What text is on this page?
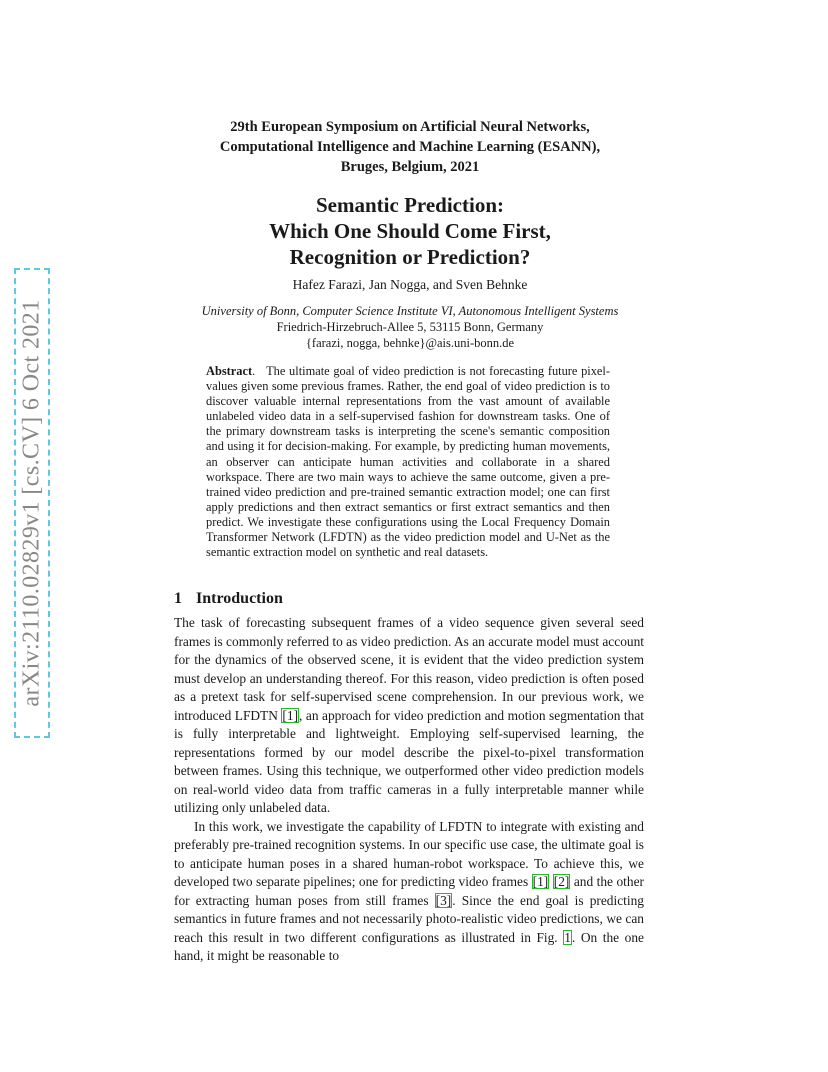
arXiv:2110.02829v1 [cs.CV] 6 Oct 2021
29th European Symposium on Artificial Neural Networks,
Computational Intelligence and Machine Learning (ESANN),
Bruges, Belgium, 2021
Semantic Prediction:
Which One Should Come First,
Recognition or Prediction?
Hafez Farazi, Jan Nogga, and Sven Behnke
University of Bonn, Computer Science Institute VI, Autonomous Intelligent Systems
Friedrich-Hirzebruch-Allee 5, 53115 Bonn, Germany
{farazi, nogga, behnke}@ais.uni-bonn.de
Abstract.   The ultimate goal of video prediction is not forecasting future pixel-values given some previous frames. Rather, the end goal of video prediction is to discover valuable internal representations from the vast amount of available unlabeled video data in a self-supervised fashion for downstream tasks. One of the primary downstream tasks is interpreting the scene's semantic composition and using it for decision-making. For example, by predicting human movements, an observer can anticipate human activities and collaborate in a shared workspace. There are two main ways to achieve the same outcome, given a pre-trained video prediction and pre-trained semantic extraction model; one can first apply predictions and then extract semantics or first extract semantics and then predict. We investigate these configurations using the Local Frequency Domain Transformer Network (LFDTN) as the video prediction model and U-Net as the semantic extraction model on synthetic and real datasets.
1 Introduction

The task of forecasting subsequent frames of a video sequence given several seed frames is commonly referred to as video prediction. As an accurate model must account for the dynamics of the observed scene, it is evident that the video prediction system must develop an understanding thereof. For this reason, video prediction is often posed as a pretext task for self-supervised scene comprehension. In our previous work, we introduced LFDTN [1], an approach for video prediction and motion segmentation that is fully interpretable and lightweight. Employing self-supervised learning, the representations formed by our model describe the pixel-to-pixel transformation between frames. Using this technique, we outperformed other video prediction models on real-world video data from traffic cameras in a fully interpretable manner while utilizing only unlabeled data.

In this work, we investigate the capability of LFDTN to integrate with existing and preferably pre-trained recognition systems. In our specific use case, the ultimate goal is to anticipate human poses in a shared human-robot workspace. To achieve this, we developed two separate pipelines; one for predicting video frames [1] [2] and the other for extracting human poses from still frames [3]. Since the end goal is predicting semantics in future frames and not necessarily photo-realistic video predictions, we can reach this result in two different configurations as illustrated in Fig. 1. On the one hand, it might be reasonable to
